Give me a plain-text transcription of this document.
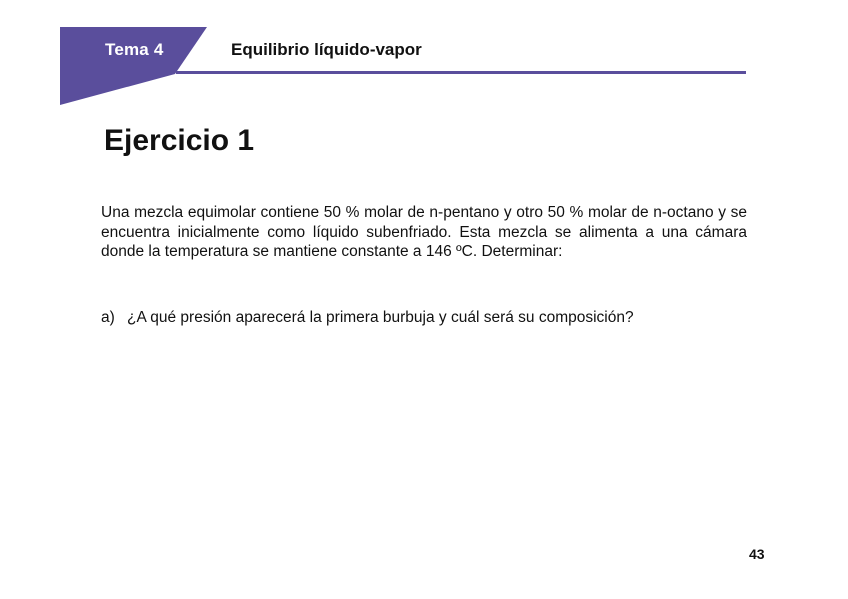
Tema 4	Equilibrio líquido-vapor
Ejercicio 1

Una mezcla equimolar contiene 50 % molar de n-pentano y otro 50 % molar de n-octano y se encuentra inicialmente como líquido subenfriado. Esta mezcla se alimenta a una cámara donde la temperatura se mantiene constante a 146 ºC. Determinar:

a) ¿A qué presión aparecerá la primera burbuja y cuál será su composición?
43
